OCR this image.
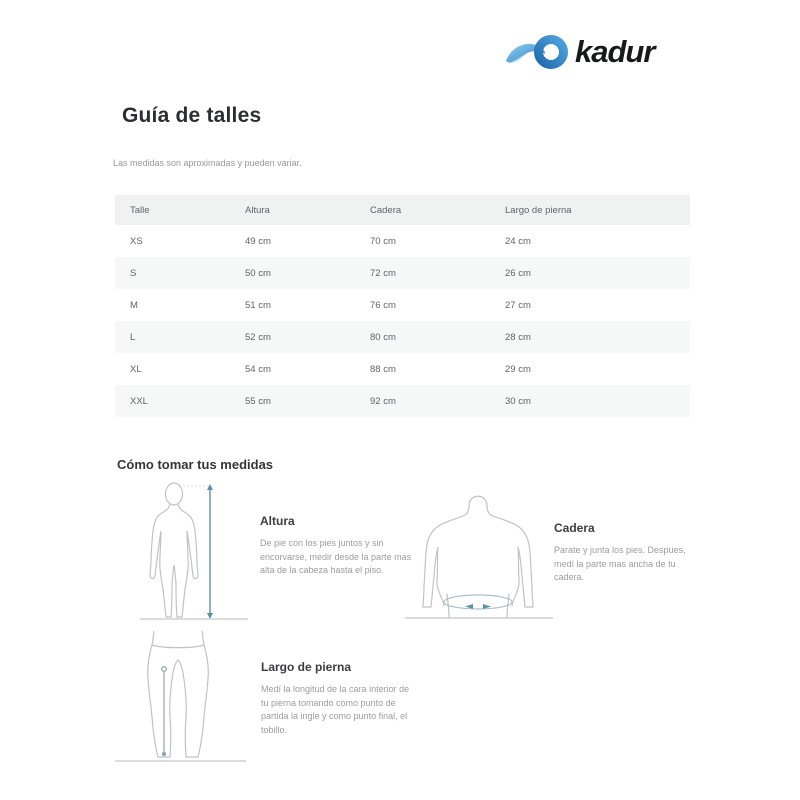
kadur
Guía de talles
Las medidas son aproximadas y pueden variar.
Talle	Altura	Cadera	Largo de pierna
XS	49 cm	70 cm	24 cm
S	50 cm	72 cm	26 cm
M	51 cm	76 cm	27 cm
L	52 cm	80 cm	28 cm
XL	54 cm	88 cm	29 cm
XXL	55 cm	92 cm	30 cm
Cómo tomar tus medidas
Altura

De pie con los pies juntos y sin encorvarse, medir desde la parte mas alta de la cabeza hasta el piso.

Cadera

Parate y junta los pies. Despues, medí la parte mas ancha de tu cadera.

Largo de pierna

Medí la longitud de la cara interior de tu pierna tomando como punto de partida la ingle y como punto final, el tobillo.
